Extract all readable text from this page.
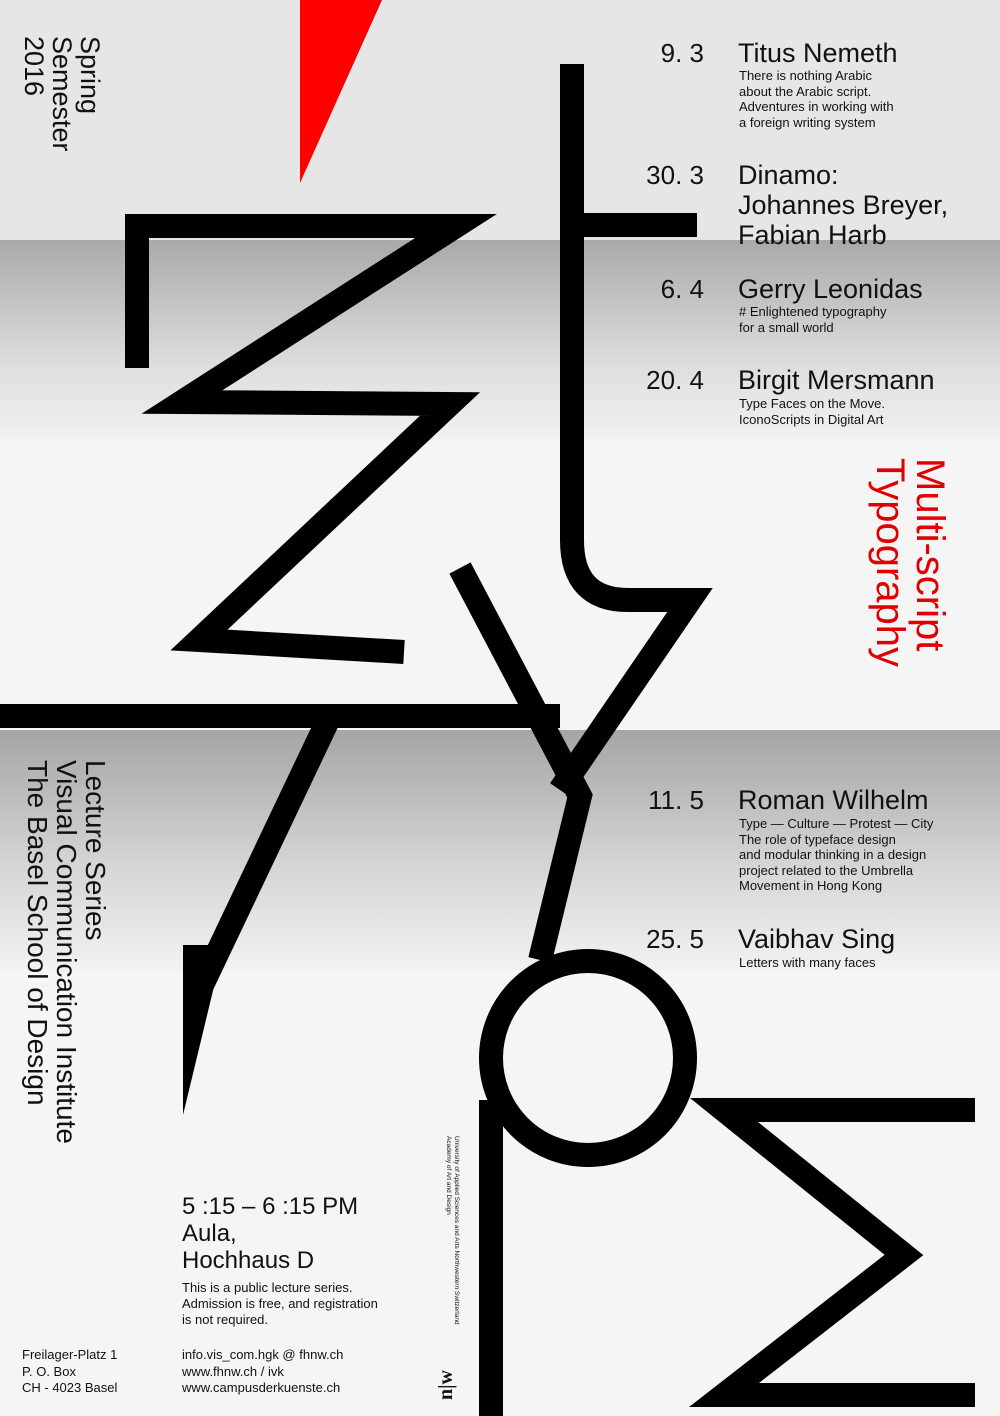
Spring
Semester
2016
Lecture Series
Visual Communication Institute
The Basel School of Design
Multi-script
Typography
University of Applied Sciences and Arts Northwestern Switzerland
Academy of Art and Design
9. 3 Titus Nemeth
There is nothing Arabic
about the Arabic script.
Adventures in working with
a foreign writing system
30. 3 Dinamo:
Johannes Breyer,
Fabian Harb
6. 4 Gerry Leonidas
# Enlightened typography
for a small world
20. 4 Birgit Mersmann
Type Faces on the Move.
IconoScripts in Digital Art
11. 5 Roman Wilhelm
Type — Culture — Protest — City
The role of typeface design
and modular thinking in a design
project related to the Umbrella
Movement in Hong Kong
25. 5 Vaibhav Sing
Letters with many faces
5 :15 – 6 :15 PM
Aula,
Hochhaus D
This is a public lecture series.
Admission is free, and registration
is not required.
Freilager-Platz 1
P. O. Box
CH - 4023 Basel
info.vis_com.hgk @ fhnw.ch
www.fhnw.ch / ivk
www.campusderkuenste.ch	n|w
